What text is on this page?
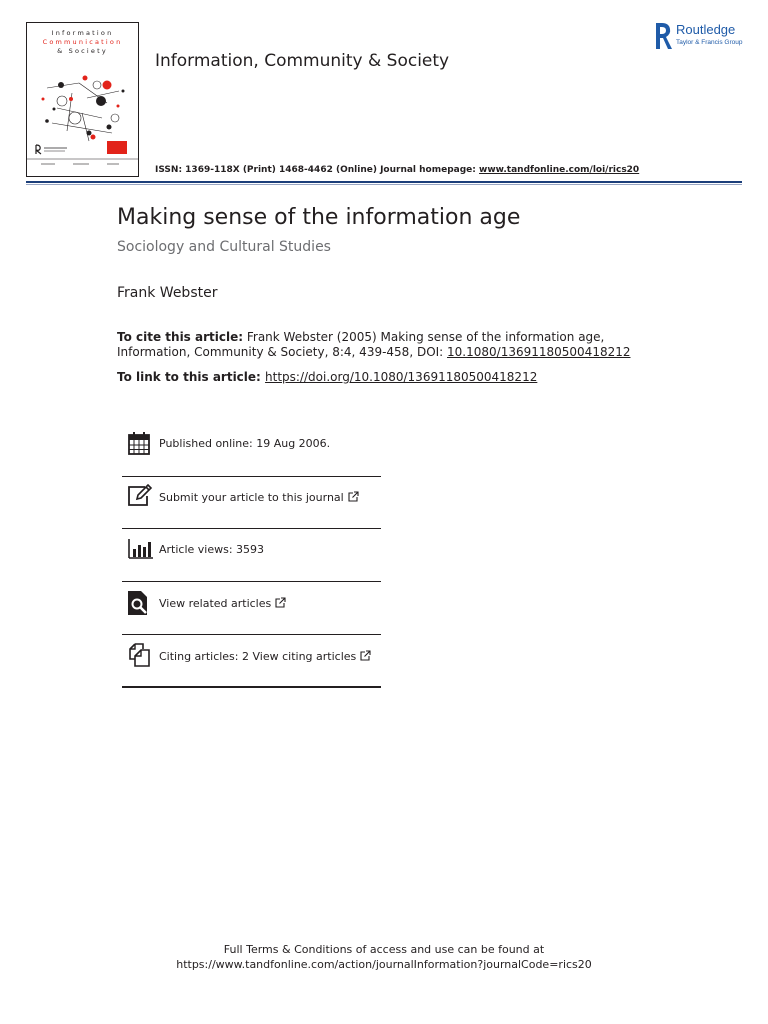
Information
Communication
& Society	Information, Community & Society
ISSN: 1369-118X (Print) 1468-4462 (Online) Journal homepage: www.tandfonline.com/loi/rics20
Routledge
Taylor & Francis Group
Making sense of the information age
Sociology and Cultural Studies
Frank Webster
To cite this article: Frank Webster (2005) Making sense of the information age, Information, Community & Society, 8:4, 439-458, DOI: 10.1080/13691180500418212
To link to this article: https://doi.org/10.1080/13691180500418212
Published online: 19 Aug 2006.
Submit your article to this journal
Article views: 3593
View related articles
Citing articles: 2 View citing articles
Full Terms & Conditions of access and use can be found at
https://www.tandfonline.com/action/journalInformation?journalCode=rics20
